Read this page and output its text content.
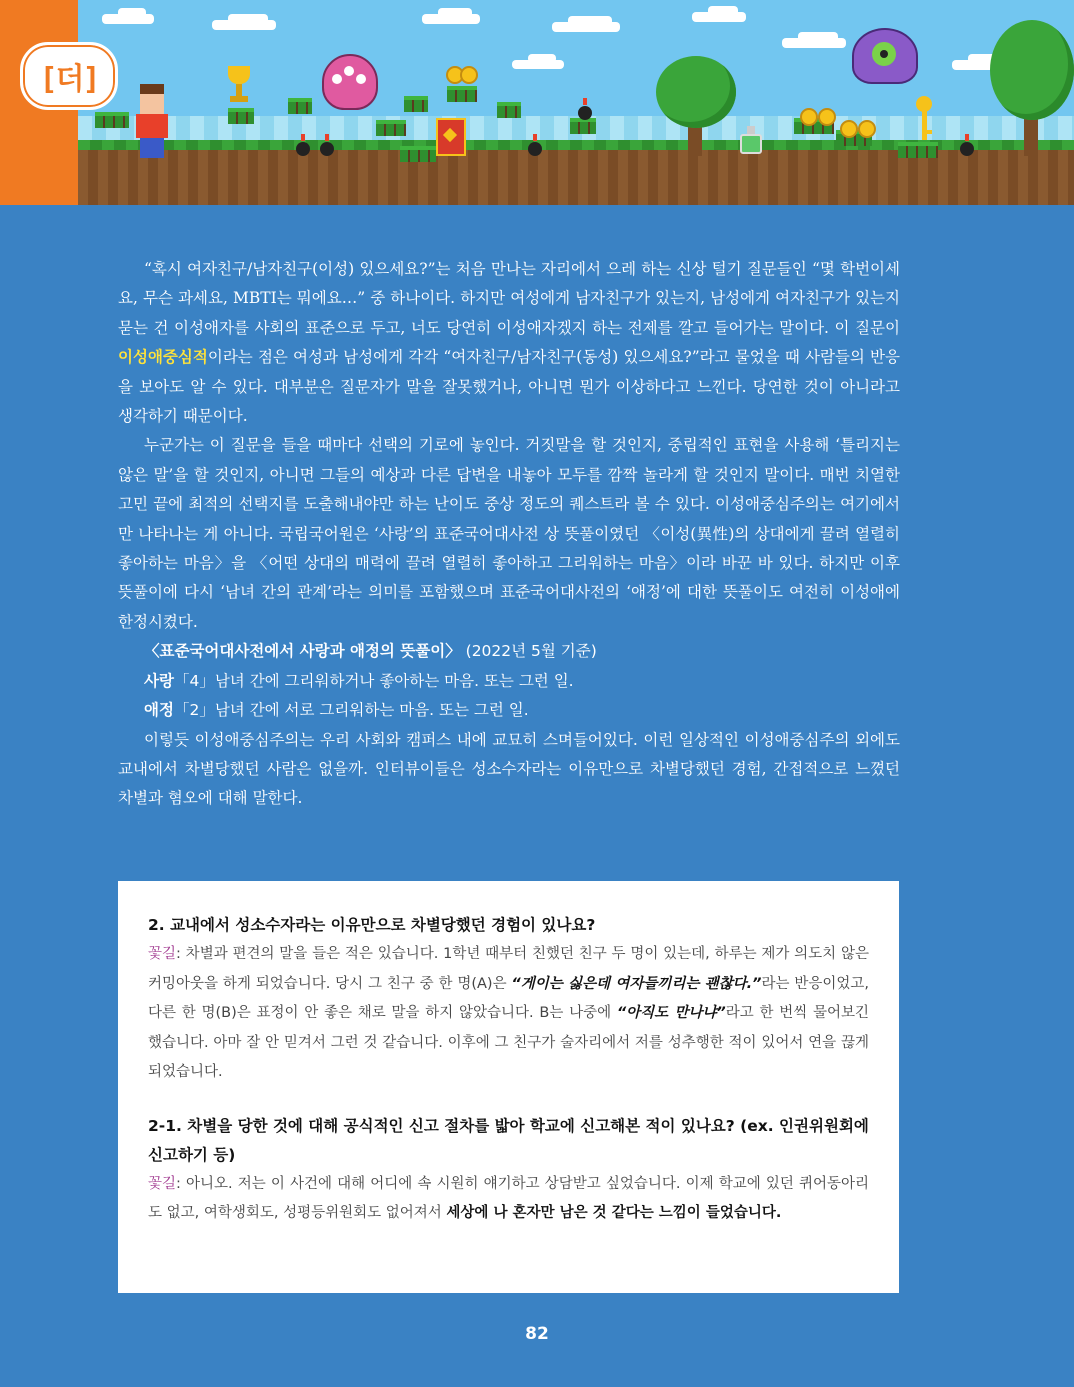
[더]

“혹시 여자친구/남자친구(이성) 있으세요?”는 처음 만나는 자리에서 으레 하는 신상 털기 질문들인 “몇 학번이세요, 무슨 과세요, MBTI는 뭐에요…” 중 하나이다. 하지만 여성에게 남자친구가 있는지, 남성에게 여자친구가 있는지 묻는 건 이성애자를 사회의 표준으로 두고, 너도 당연히 이성애자겠지 하는 전제를 깔고 들어가는 말이다. 이 질문이 이성애중심적이라는 점은 여성과 남성에게 각각 “여자친구/남자친구(동성) 있으세요?”라고 물었을 때 사람들의 반응을 보아도 알 수 있다. 대부분은 질문자가 말을 잘못했거나, 아니면 뭔가 이상하다고 느낀다. 당연한 것이 아니라고 생각하기 때문이다.

누군가는 이 질문을 들을 때마다 선택의 기로에 놓인다. 거짓말을 할 것인지, 중립적인 표현을 사용해 ‘틀리지는 않은 말’을 할 것인지, 아니면 그들의 예상과 다른 답변을 내놓아 모두를 깜짝 놀라게 할 것인지 말이다. 매번 치열한 고민 끝에 최적의 선택지를 도출해내야만 하는 난이도 중상 정도의 퀘스트라 볼 수 있다. 이성애중심주의는 여기에서만 나타나는 게 아니다. 국립국어원은 ‘사랑’의 표준국어대사전 상 뜻풀이였던 〈이성(異性)의 상대에게 끌려 열렬히 좋아하는 마음〉을 〈어떤 상대의 매력에 끌려 열렬히 좋아하고 그리워하는 마음〉이라 바꾼 바 있다. 하지만 이후 뜻풀이에 다시 ‘남녀 간의 관계’라는 의미를 포함했으며 표준국어대사전의 ‘애정’에 대한 뜻풀이도 여전히 이성애에 한정시켰다.

〈표준국어대사전에서 사랑과 애정의 뜻풀이〉 (2022년 5월 기준)

사랑「4」남녀 간에 그리워하거나 좋아하는 마음. 또는 그런 일.

애정「2」남녀 간에 서로 그리워하는 마음. 또는 그런 일.

이렇듯 이성애중심주의는 우리 사회와 캠퍼스 내에 교묘히 스며들어있다. 이런 일상적인 이성애중심주의 외에도 교내에서 차별당했던 사람은 없을까. 인터뷰이들은 성소수자라는 이유만으로 차별당했던 경험, 간접적으로 느꼈던 차별과 혐오에 대해 말한다.

2. 교내에서 성소수자라는 이유만으로 차별당했던 경험이 있나요?

꽃길: 차별과 편견의 말을 들은 적은 있습니다. 1학년 때부터 친했던 친구 두 명이 있는데, 하루는 제가 의도치 않은 커밍아웃을 하게 되었습니다. 당시 그 친구 중 한 명(A)은 “게이는 싫은데 여자들끼리는 괜찮다.”라는 반응이었고, 다른 한 명(B)은 표정이 안 좋은 채로 말을 하지 않았습니다. B는 나중에 “아직도 만나냐”라고 한 번씩 물어보긴 했습니다. 아마 잘 안 믿겨서 그런 것 같습니다. 이후에 그 친구가 술자리에서 저를 성추행한 적이 있어서 연을 끊게 되었습니다.

2-1. 차별을 당한 것에 대해 공식적인 신고 절차를 밟아 학교에 신고해본 적이 있나요? (ex. 인권위원회에 신고하기 등)

꽃길: 아니오. 저는 이 사건에 대해 어디에 속 시원히 얘기하고 상담받고 싶었습니다. 이제 학교에 있던 퀴어동아리도 없고, 여학생회도, 성평등위원회도 없어져서 세상에 나 혼자만 남은 것 같다는 느낌이 들었습니다.

82
